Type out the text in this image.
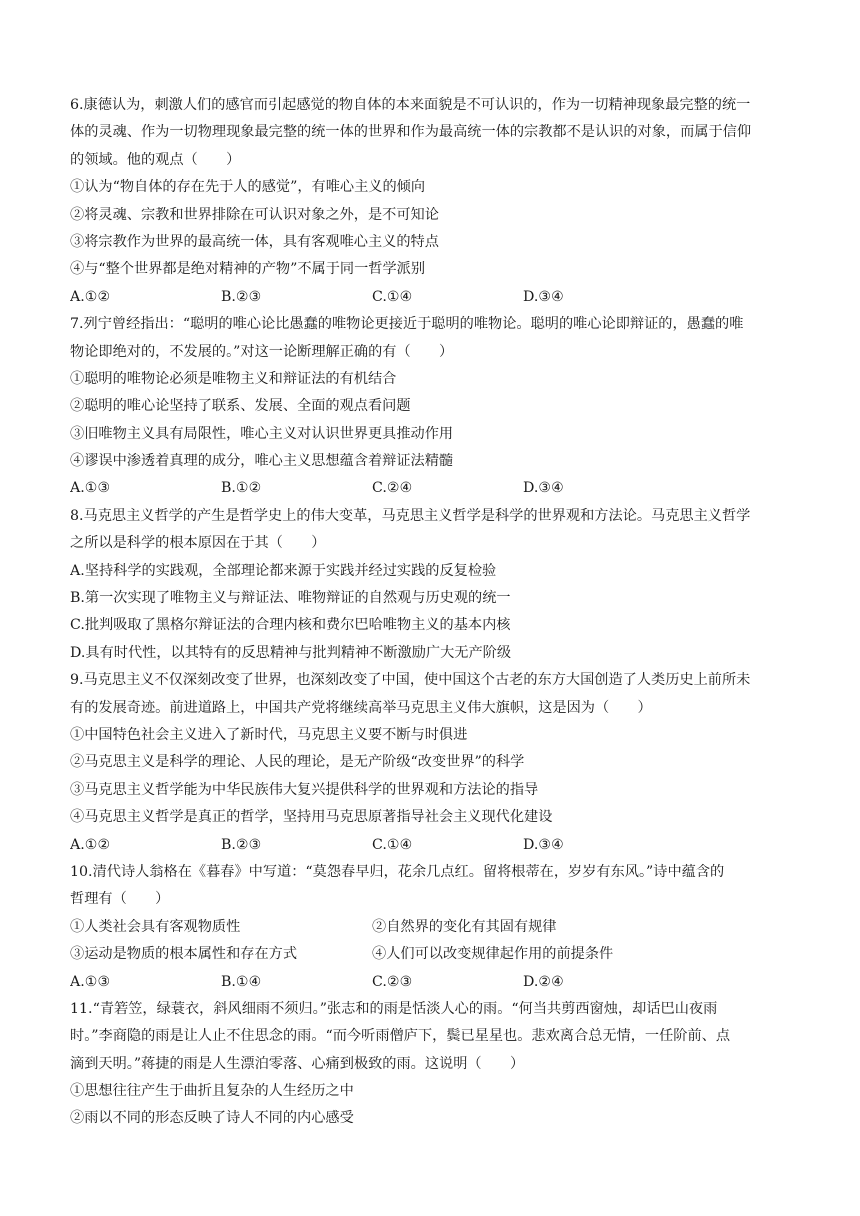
6.康德认为，刺激人们的感官而引起感觉的物自体的本来面貌是不可认识的，作为一切精神现象最完整的统一
体的灵魂、作为一切物理现象最完整的统一体的世界和作为最高统一体的宗教都不是认识的对象，而属于信仰
的领域。他的观点（　　）
①认为“物自体的存在先于人的感觉”，有唯心主义的倾向
②将灵魂、宗教和世界排除在可认识对象之外，是不可知论
③将宗教作为世界的最高统一体，具有客观唯心主义的特点
④与“整个世界都是绝对精神的产物”不属于同一哲学派别
A.①②	B.②③	C.①④	D.③④
7.列宁曾经指出：“聪明的唯心论比愚蠢的唯物论更接近于聪明的唯物论。聪明的唯心论即辩证的，愚蠢的唯
物论即绝对的，不发展的。”对这一论断理解正确的有（　　）
①聪明的唯物论必须是唯物主义和辩证法的有机结合
②聪明的唯心论坚持了联系、发展、全面的观点看问题
③旧唯物主义具有局限性，唯心主义对认识世界更具推动作用
④谬误中渗透着真理的成分，唯心主义思想蕴含着辩证法精髓
A.①③	B.①②	C.②④	D.③④
8.马克思主义哲学的产生是哲学史上的伟大变革，马克思主义哲学是科学的世界观和方法论。马克思主义哲学
之所以是科学的根本原因在于其（　　）
A.坚持科学的实践观，全部理论都来源于实践并经过实践的反复检验
B.第一次实现了唯物主义与辩证法、唯物辩证的自然观与历史观的统一
C.批判吸取了黑格尔辩证法的合理内核和费尔巴哈唯物主义的基本内核
D.具有时代性，以其特有的反思精神与批判精神不断激励广大无产阶级
9.马克思主义不仅深刻改变了世界，也深刻改变了中国，使中国这个古老的东方大国创造了人类历史上前所未
有的发展奇迹。前进道路上，中国共产党将继续高举马克思主义伟大旗帜，这是因为（　　）
①中国特色社会主义进入了新时代，马克思主义要不断与时俱进
②马克思主义是科学的理论、人民的理论，是无产阶级“改变世界”的科学
③马克思主义哲学能为中华民族伟大复兴提供科学的世界观和方法论的指导
④马克思主义哲学是真正的哲学，坚持用马克思原著指导社会主义现代化建设
A.①②	B.②③	C.①④	D.③④
10.清代诗人翁格在《暮春》中写道：“莫怨春早归，花余几点红。留将根蒂在，岁岁有东风。”诗中蕴含的
哲理有（　　）
①人类社会具有客观物质性	②自然界的变化有其固有规律
③运动是物质的根本属性和存在方式	④人们可以改变规律起作用的前提条件
A.①③	B.①④	C.②③	D.②④
11.“青箬笠，绿蓑衣，斜风细雨不须归。”张志和的雨是恬淡人心的雨。“何当共剪西窗烛，却话巴山夜雨
时。”李商隐的雨是让人止不住思念的雨。“而今听雨僧庐下，鬓已星星也。悲欢离合总无情，一任阶前、点
滴到天明。”蒋捷的雨是人生漂泊零落、心痛到极致的雨。这说明（　　）
①思想往往产生于曲折且复杂的人生经历之中
②雨以不同的形态反映了诗人不同的内心感受
